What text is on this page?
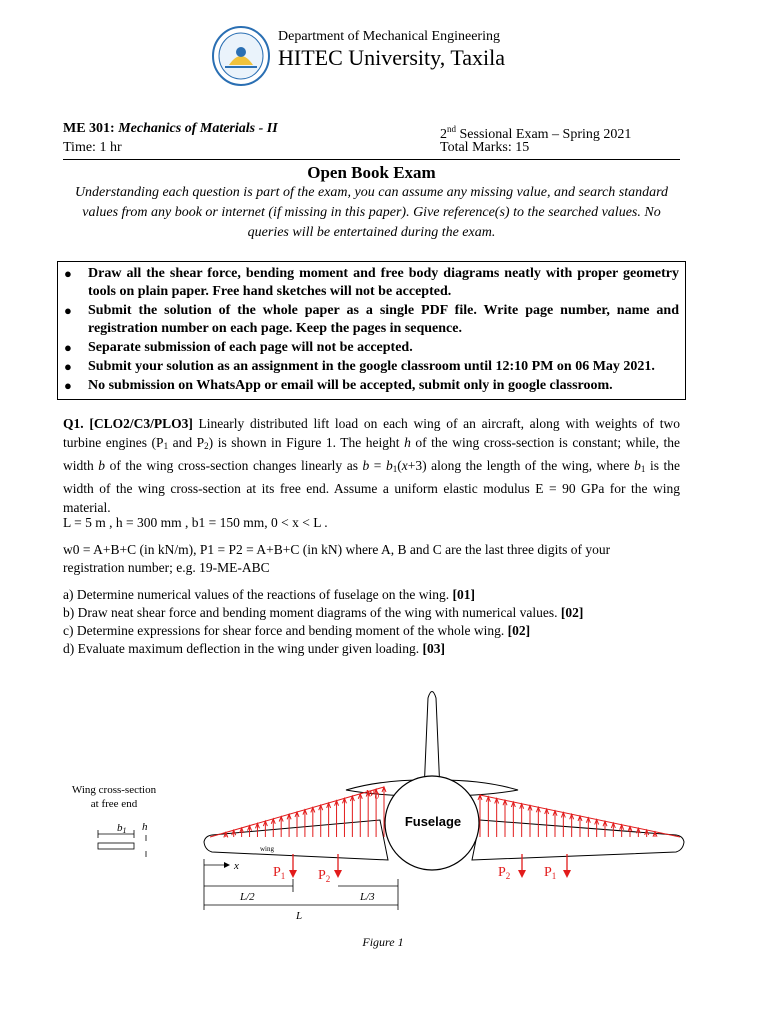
Department of Mechanical Engineering
HITEC University, Taxila
ME 301: Mechanics of Materials - II	2nd Sessional Exam – Spring 2021
Time: 1 hr	Total Marks: 15
Open Book Exam
Understanding each question is part of the exam, you can assume any missing value, and search standard values from any book or internet (if missing in this paper). Give reference(s) to the searched values. No queries will be entertained during the exam.
● Draw all the shear force, bending moment and free body diagrams neatly with proper geometry tools on plain paper. Free hand sketches will not be accepted.
● Submit the solution of the whole paper as a single PDF file. Write page number, name and registration number on each page. Keep the pages in sequence.
● Separate submission of each page will not be accepted.
● Submit your solution as an assignment in the google classroom until 12:10 PM on 06 May 2021.
● No submission on WhatsApp or email will be accepted, submit only in google classroom.
Q1. [CLO2/C3/PLO3] Linearly distributed lift load on each wing of an aircraft, along with weights of two turbine engines ($P_1$ and $P_2$) is shown in Figure 1. The height h of the wing cross-section is constant; while, the width b of the wing cross-section changes linearly as $b = b_1(x+3)$ along the length of the wing, where $b_1$ is the width of the wing cross-section at its free end. Assume a uniform elastic modulus E = 90 GPa for the wing material.
L = 5 m , h = 300 mm , b1 = 150 mm, 0 < x < L .
w0 = A+B+C (in kN/m), P1 = P2 = A+B+C (in kN) where A, B and C are the last three digits of your registration number; e.g. 19-ME-ABC
a) Determine numerical values of the reactions of fuselage on the wing. [01]
b) Draw neat shear force and bending moment diagrams of the wing with numerical values. [02]
c) Determine expressions for shear force and bending moment of the whole wing. [02]
d) Evaluate maximum deflection in the wing under given loading. [03]
Wing cross-section
at free end
b1 h	Fuselage
wing
$w_0$
$P_1$ $P_2$	$P_2$ $P_1$
x
L/2	L/3
L
Figure 1
